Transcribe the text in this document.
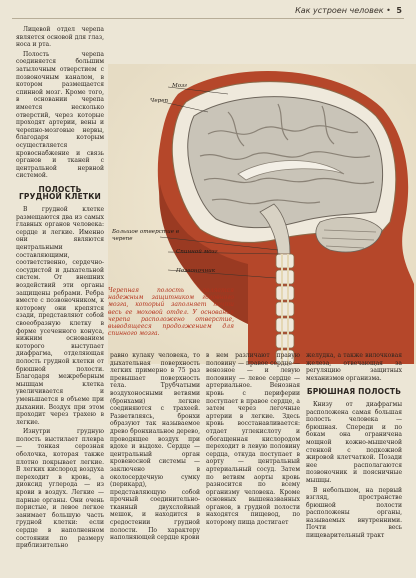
Как устроен человек • 5

Лицевой отдел черепа является основой для глаз, носа и рта.

Полость черепа соединяется большим затылочным отверстием с позвоночным каналом, в котором размещается спинной мозг. Кроме того, в основании черепа имеется несколько отверстий, через которые проходят артерии, вены и черепно-мозговые нервы, благодаря которым осуществляется кровоснабжение и связь органов и тканей с центральной нервной системой.

ПОЛОСТЬ ГРУДНОЙ КЛЕТКИ

В грудной клетке размещаются два из самых главных органов человека: сердце и легкие. Именно они являются центральными составляющими, соответственно, сердечно-сосудистой и дыхательной систем. От внешних воздействий эти органы защищены ребрами. Ребра вместе с позвоночником, к которому они крепятся сзади, представляют собой своеобразную клетку в форме усеченного конуса, нижним основанием которого выступает диафрагма, отделяющая полость грудной клетки от брюшной полости. Благодаря межреберным мышцам клетка увеличивается и уменьшается в объеме при дыхании. Воздух при этом проходит через трахею в легкие.

Изнутри грудную полость выстилает плевра — тонкая серозная оболочка, которая также плотно покрывает легкие. В легких кислород воздуха переходит в кровь, а диоксид углерода — из крови в воздух. Легкие — парные органы. Они очень пористые, и левое легкое занимает большую часть грудной клетки: если сердце в наполненном состоянии по размеру приблизительно

Мозг
Череп
Большое отверстие в черепе
Спинной мозг
Позвоночник
Черепная полость является надежным защитником головного мозга, который заполняет почти весь ее моховой отдел. У основания черепа расположено отверстие, выводящееся продолжением для спинного мозга.

равно кулаку человека, то дыхательная поверхность легких примерно в 75 раз превышает поверхность тела. Трубчатыми воздухоносными ветвями (бронхами) легкие соединяются с трахеей. Разветвляясь, бронхи образуют так называемое древо бронхиальное дерево, проводящее воздух при вдохе и выдохе. Сердце — центральный орган кровеносной системы — заключено в околосердечную сумку (перикард), представляющую собой прочный соединительно-тканный двухслойный мешок, и находится в средостении грудной полости. По характеру наполняющей сердце крови

в нем различают правую половину — правое сердце — венозное — и левую половину — левое сердце — артериальное. Венозная кровь с периферии поступает в правое сердце, а затем через легочные артерии в легкие. Здесь кровь восстанавливается: отдает углекислоту и обогащенная кислородом переходит в левую половину сердца, откуда поступает в аорту — центральный артериальный сосуд. Затем по ветвям аорты кровь разносится по всему организму человека. Кроме основных вышеназванных органов, в грудной полости находятся пищевод, по которому пища достигает

желудка, а также вилочковая железа, отвечающая за регуляцию защитных механизмов организма.

БРЮШНАЯ ПОЛОСТЬ

Книзу от диафрагмы расположена самая большая полость человека — брюшная. Спереди и по бокам она ограничена мощной кожно-мышечной стенкой с подкожной жировой клетчаткой. Позади нее располагаются позвоночник и поясничные мышцы.

В небольшом, на первый взгляд, пространстве брюшной полости расположены органы, называемых внутренними. Почти весь пищеварительный тракт
